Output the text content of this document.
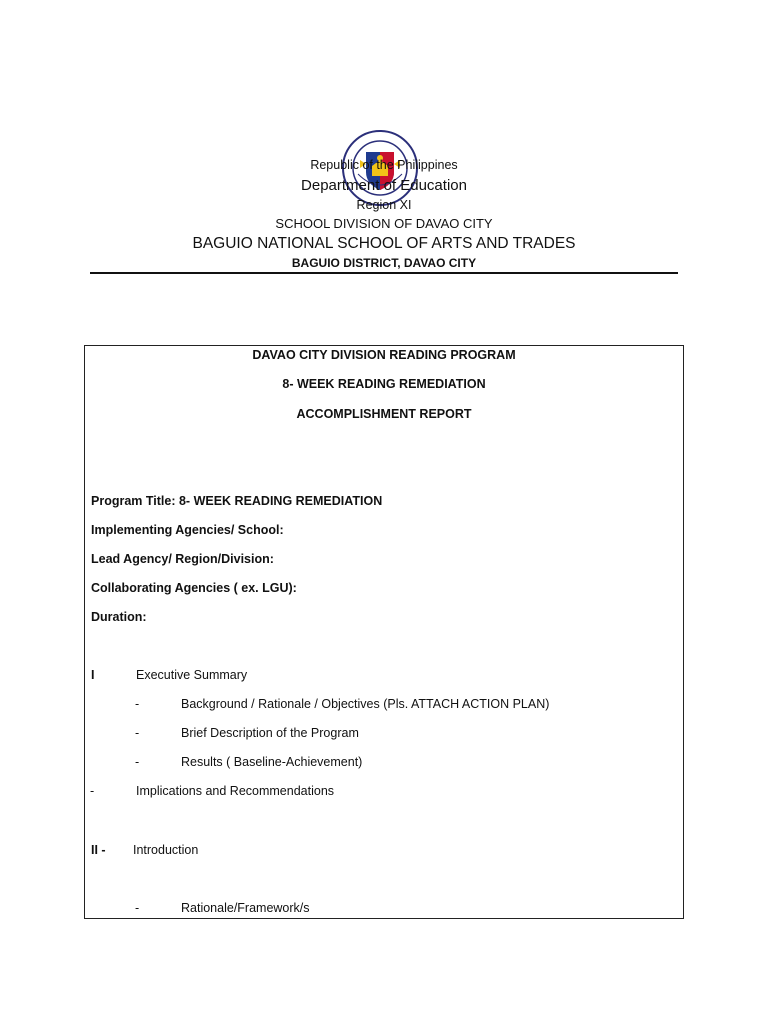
Republic of the Philippines
Department of Education
Region XI
SCHOOL DIVISION OF DAVAO CITY
BAGUIO NATIONAL SCHOOL OF ARTS AND TRADES
BAGUIO DISTRICT, DAVAO CITY
DAVAO CITY DIVISION READING PROGRAM
8- WEEK READING REMEDIATION
ACCOMPLISHMENT REPORT
Program Title: 8- WEEK READING REMEDIATION
Implementing Agencies/ School:
Lead Agency/ Region/Division:
Collaborating Agencies ( ex. LGU):
Duration:
I	Executive Summary
-	Background / Rationale / Objectives (Pls. ATTACH ACTION PLAN)
-	Brief Description of the Program
-	Results ( Baseline-Achievement)
-	Implications and Recommendations
II - Introduction
-	Rationale/Framework/s
